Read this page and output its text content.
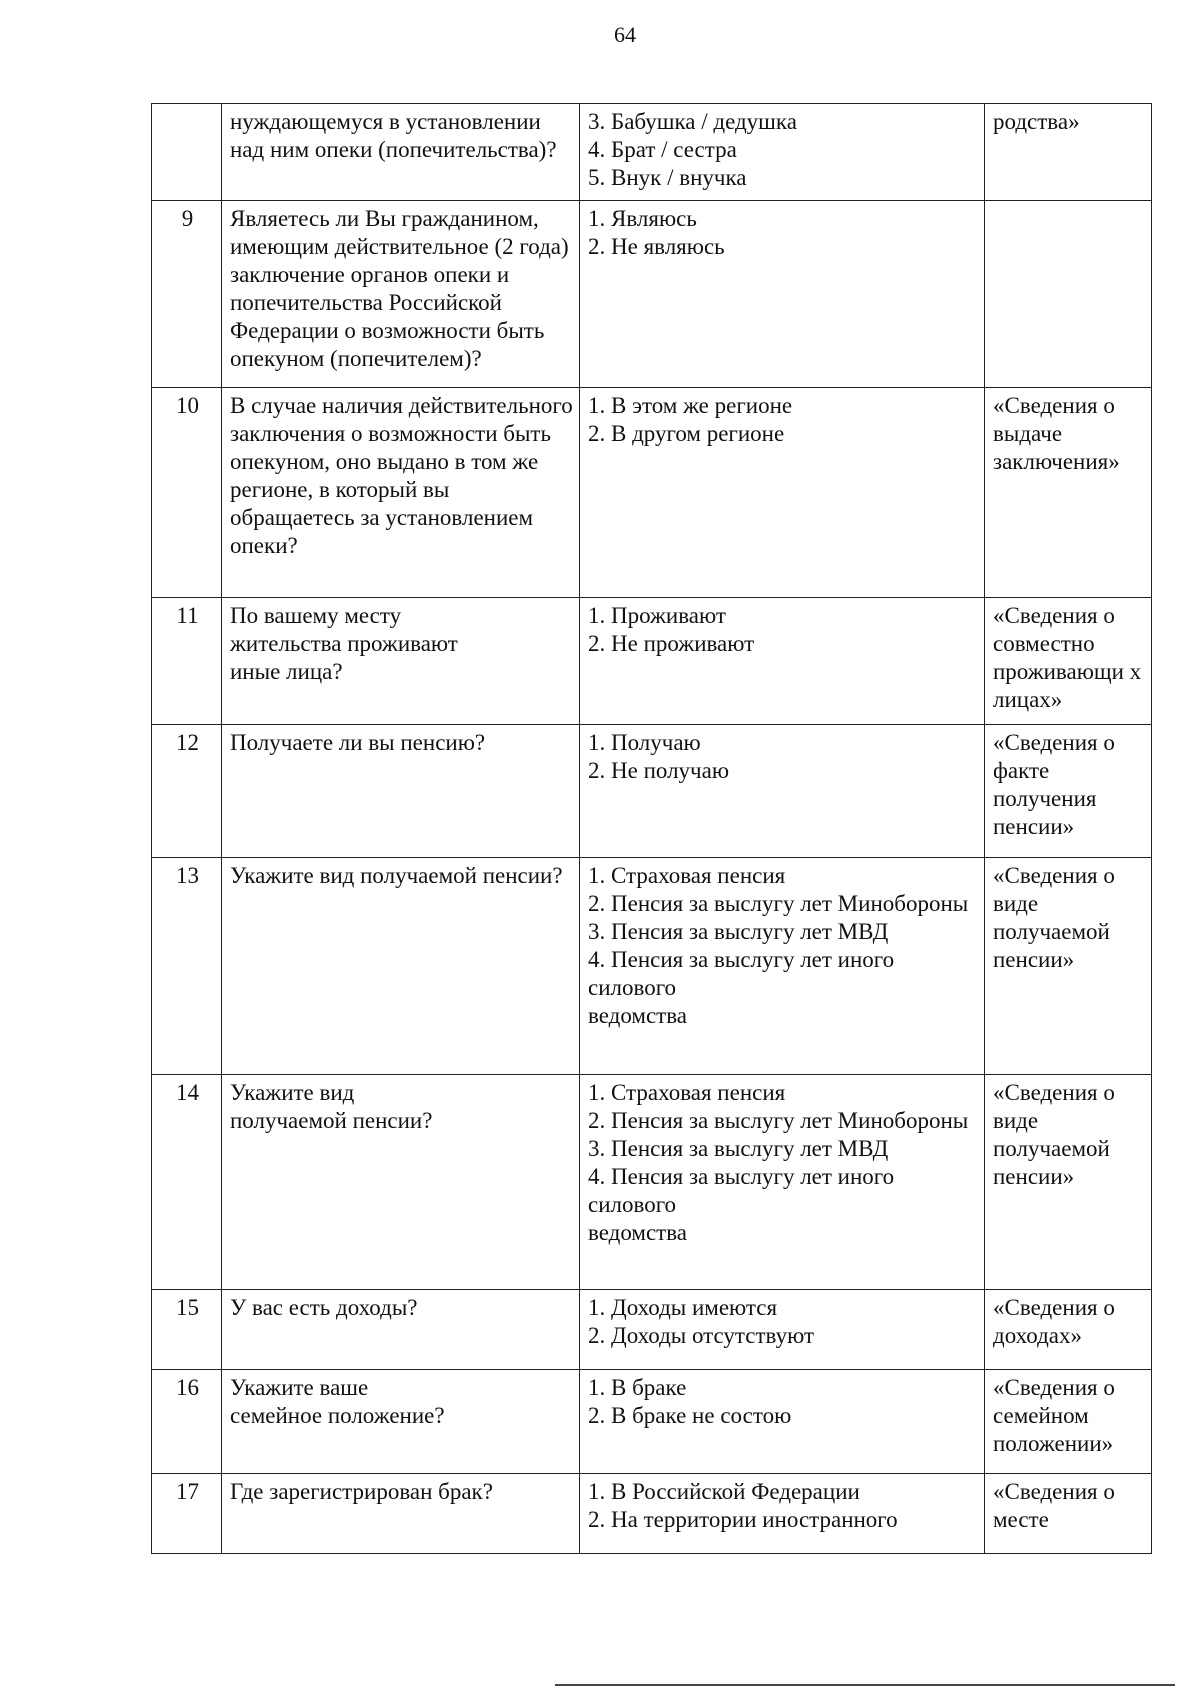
64
	нуждающемуся в установлении над ним опеки (попечительства)?	3. Бабушка / дедушка
4. Брат / сестра
5. Внук / внучка	родства»
9	Являетесь ли Вы гражданином, имеющим действительное (2 года) заключение органов опеки и попечительства Российской Федерации о возможности быть опекуном (попечителем)?	1. Являюсь
2. Не являюсь	
10	В случае наличия действительного заключения о возможности быть
опекуном, оно выдано в том же регионе, в который вы обращаетесь за установлением опеки?	1. В этом же регионе
2. В другом регионе	«Сведения о выдаче заключения»
11	По вашему месту
жительства проживают
иные лица?	1. Проживают
2. Не проживают	«Сведения о совместно проживающи х лицах»
12	Получаете ли вы пенсию?	1. Получаю
2. Не получаю	«Сведения о факте получения пенсии»
13	Укажите вид получаемой пенсии?	1. Страховая пенсия
2. Пенсия за выслугу лет Минобороны
3. Пенсия за выслугу лет МВД
4. Пенсия за выслугу лет иного силового
ведомства	«Сведения о виде получаемой пенсии»
14	Укажите вид
получаемой пенсии?	1. Страховая пенсия
2. Пенсия за выслугу лет Минобороны
3. Пенсия за выслугу лет МВД
4. Пенсия за выслугу лет иного силового
ведомства	«Сведения о виде получаемой пенсии»
15	У вас есть доходы?	1. Доходы имеются
2. Доходы отсутствуют	«Сведения о доходах»
16	Укажите ваше
семейное положение?	1. В браке
2. В браке не состою	«Сведения о семейном положении»
17	Где зарегистрирован брак?	1. В Российской Федерации
2. На территории иностранного	«Сведения о месте
